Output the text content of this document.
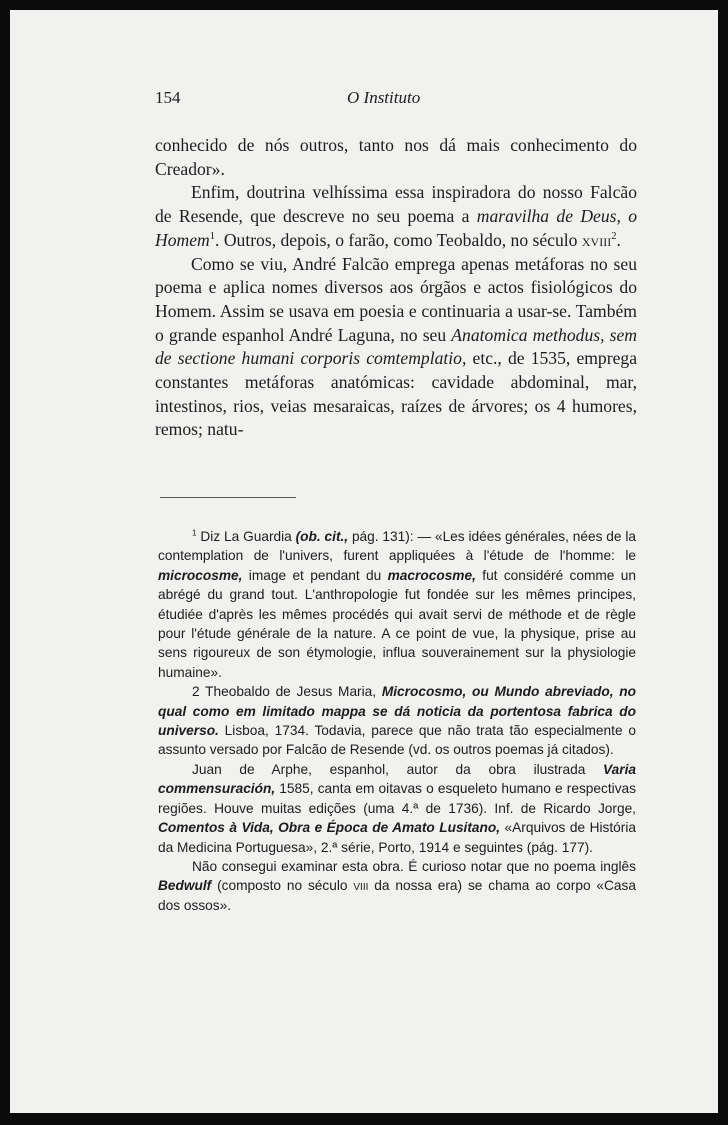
154	O Instituto

conhecido de nós outros, tanto nos dá mais conhecimento do Creador».

Enfim, doutrina velhíssima essa inspiradora do nosso Falcão de Resende, que descreve no seu poema a maravilha de Deus, o Homem$^1$. Outros, depois, o farão, como Teobaldo, no século xviii$^2$.

Como se viu, André Falcão emprega apenas metáforas no seu poema e aplica nomes diversos aos órgãos e actos fisiológicos do Homem. Assim se usava em poesia e continuaria a usar-se. Também o grande espanhol André Laguna, no seu Anatomica methodus, sem de sectione humani corporis comtemplatio, etc., de 1535, emprega constantes metáforas anatómicas: cavidade abdominal, mar, intestinos, rios, veias mesaraicas, raízes de árvores; os 4 humores, remos; natu-

$^1$ Diz La Guardia (ob. cit., pág. 131): — «Les idées générales, nées de la contemplation de l'univers, furent appliquées à l'étude de l'homme: le microcosme, image et pendant du macrocosme, fut considéré comme un abrégé du grand tout. L'anthropologie fut fondée sur les mêmes principes, étudiée d'après les mêmes procédés qui avait servi de méthode et de règle pour l'étude générale de la nature. A ce point de vue, la physique, prise au sens rigoureux de son étymologie, influa souverainement sur la physiologie humaine».

2 Theobaldo de Jesus Maria, Microcosmo, ou Mundo abreviado, no qual como em limitado mappa se dá noticia da portentosa fabrica do universo. Lisboa, 1734. Todavia, parece que não trata tão especialmente o assunto versado por Falcão de Resende (vd. os outros poemas já citados).

Juan de Arphe, espanhol, autor da obra ilustrada Varia commensuración, 1585, canta em oitavas o esqueleto humano e respectivas regiões. Houve muitas edições (uma 4.ª de 1736). Inf. de Ricardo Jorge, Comentos à Vida, Obra e Época de Amato Lusitano, «Arquivos de História da Medicina Portuguesa», 2.ª série, Porto, 1914 e seguintes (pág. 177).

Não consegui examinar esta obra. É curioso notar que no poema inglês Bedwulf (composto no século viii da nossa era) se chama ao corpo «Casa dos ossos».
